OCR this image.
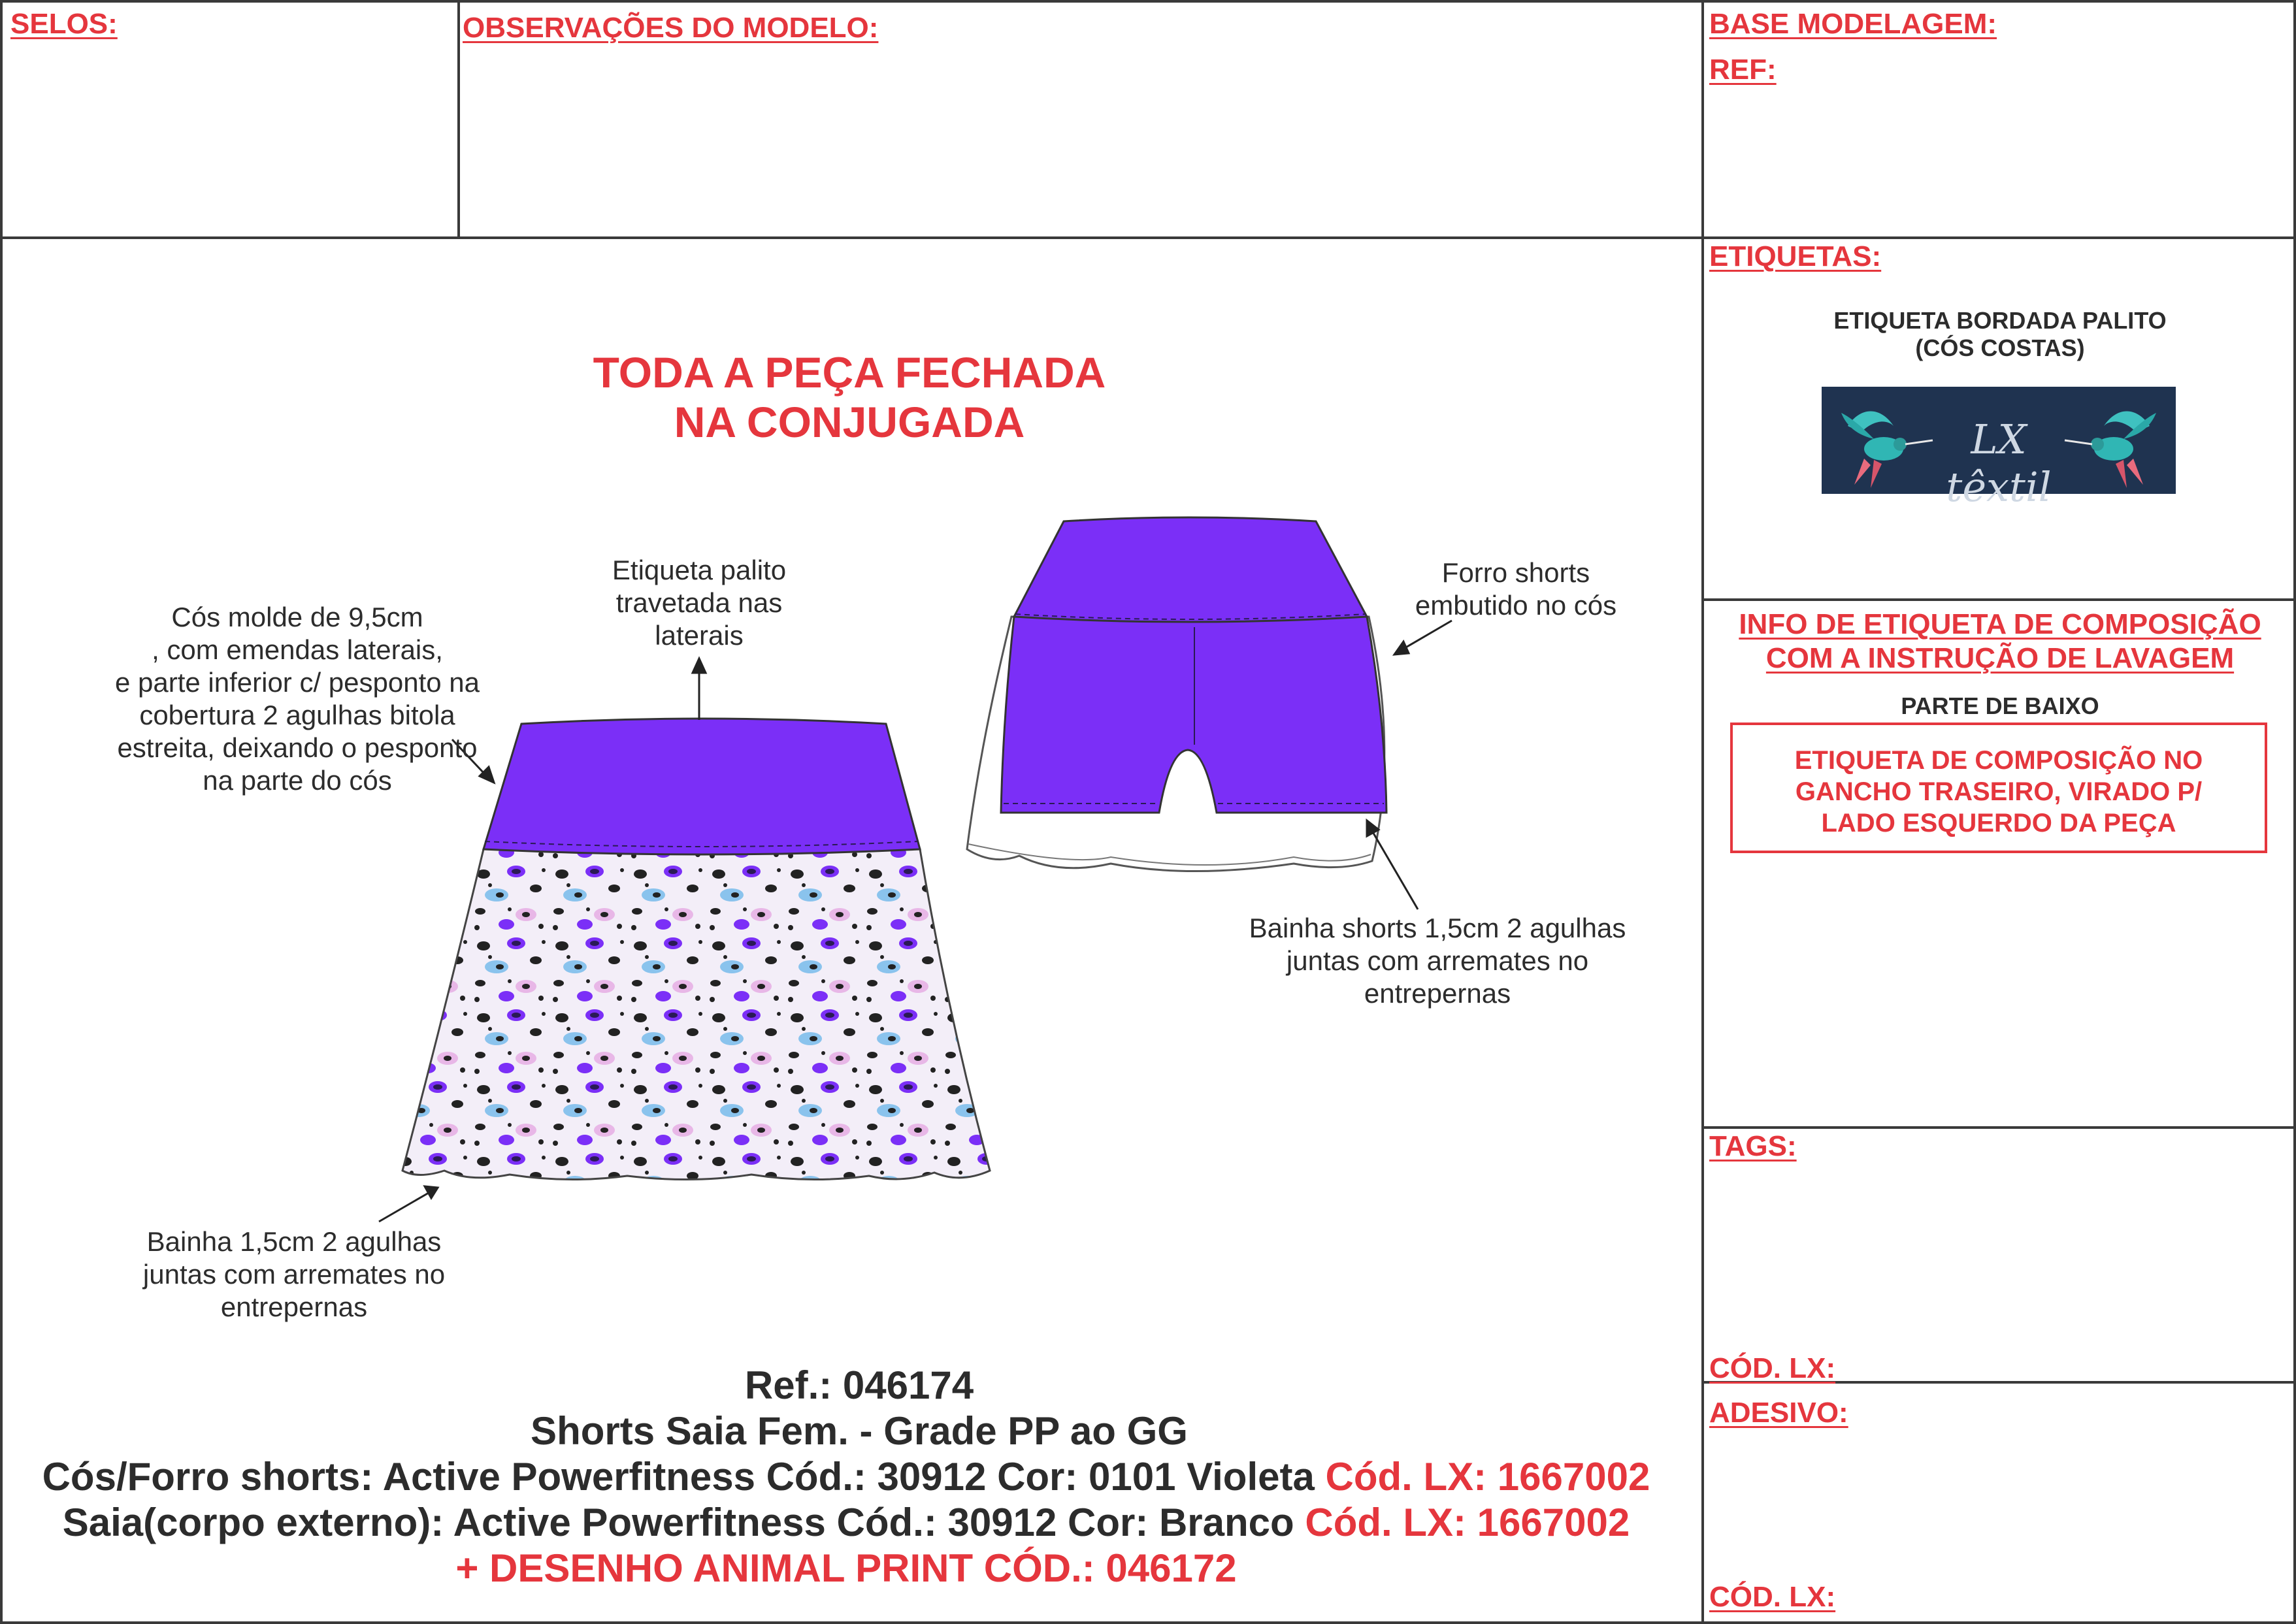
SELOS:	OBSERVAÇÕES DO MODELO:	BASE MODELAGEM:
REF:
ETIQUETAS:
TAGS:
CÓD. LX:
ADESIVO:
CÓD. LX:
ETIQUETA BORDADA PALITO
(CÓS COSTAS)
LX têxtil
INFO DE ETIQUETA DE COMPOSIÇÃO
COM A INSTRUÇÃO DE LAVAGEM
PARTE DE BAIXO
ETIQUETA DE COMPOSIÇÃO NO
GANCHO TRASEIRO, VIRADO P/
LADO ESQUERDO DA PEÇA
TODA A PEÇA FECHADA
NA CONJUGADA
Etiqueta palito
travetada nas
laterais
Cós molde de 9,5cm
, com emendas laterais,
e parte inferior c/ pesponto na
cobertura 2 agulhas bitola
estreita, deixando o pesponto
na parte do cós
Forro shorts
embutido no cós
Bainha shorts 1,5cm 2 agulhas
juntas com arremates no
entrepernas
Bainha 1,5cm 2 agulhas
juntas com arremates no
entrepernas
Ref.: 046174
Shorts Saia Fem. - Grade PP ao GG
Cós/Forro shorts: Active Powerfitness Cód.: 30912 Cor: 0101 Violeta Cód. LX: 1667002
Saia(corpo externo): Active Powerfitness Cód.: 30912 Cor: Branco Cód. LX: 1667002
+ DESENHO ANIMAL PRINT CÓD.: 046172
